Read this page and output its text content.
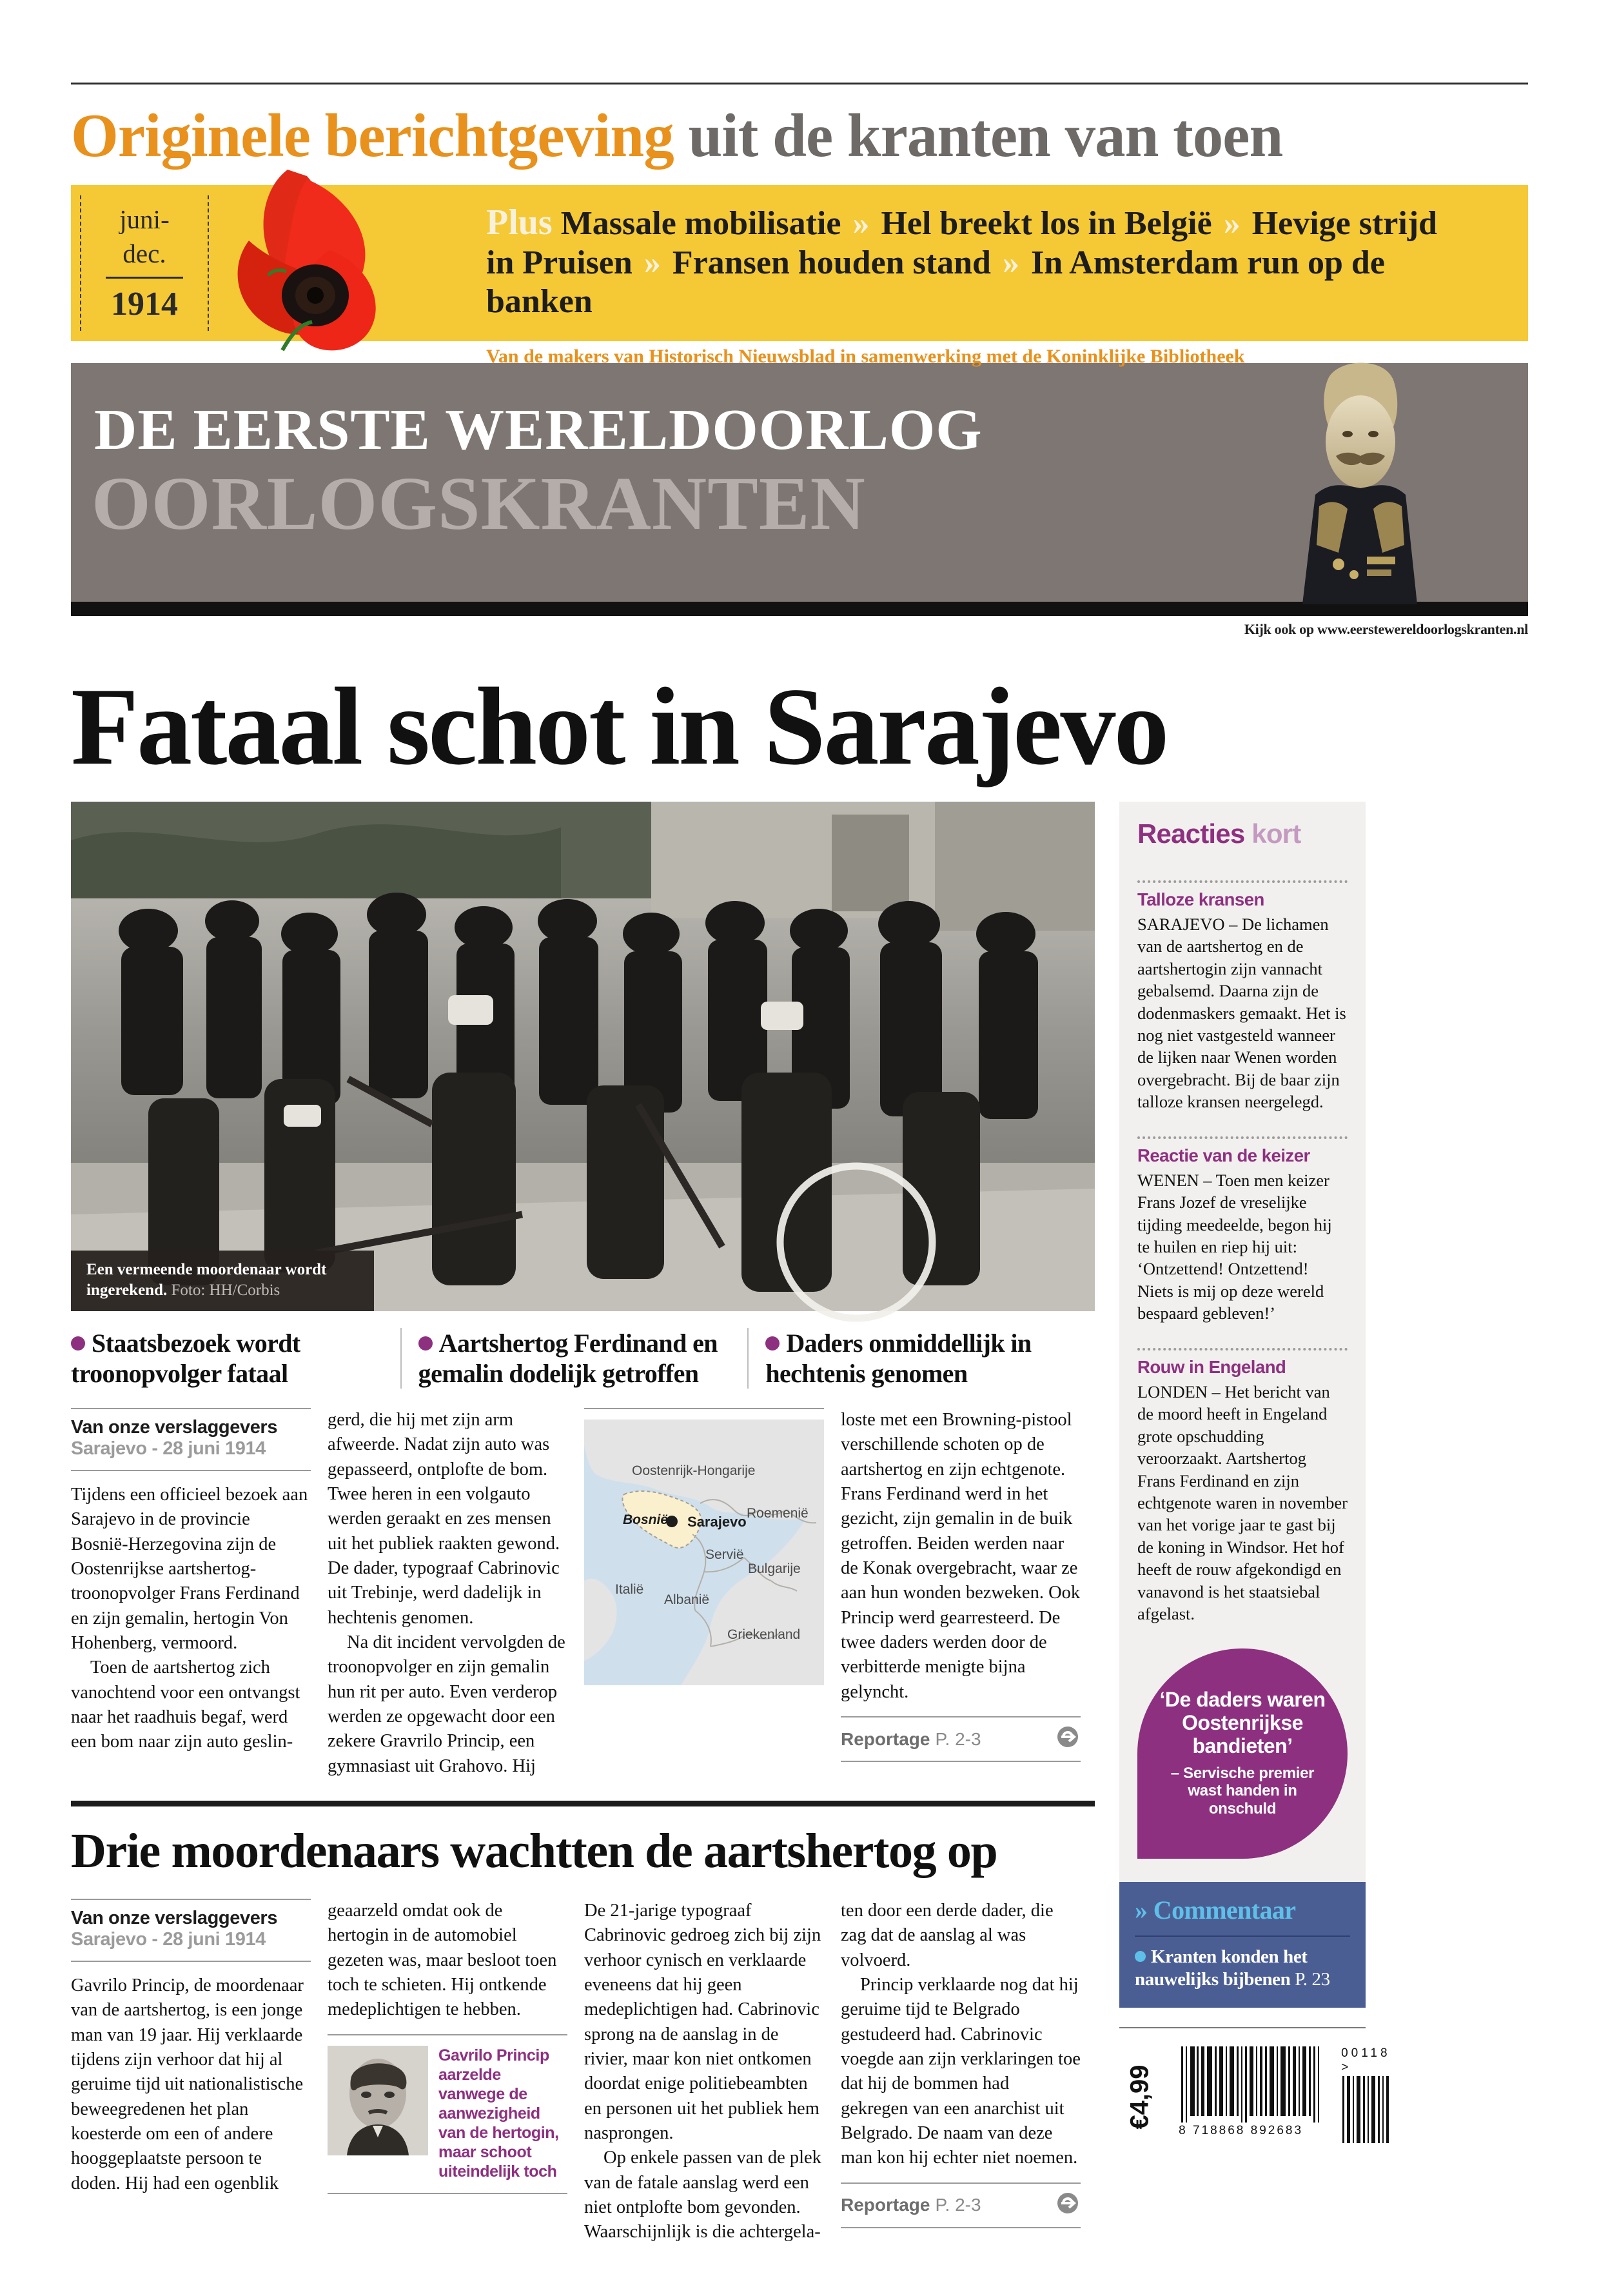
Originele berichtgeving uit de kranten van toen
juni-
dec.
1914
Plus Massale mobilisatie » Hel breekt los in België » Hevige strijd in Pruisen » Fransen houden stand » In Amsterdam run op de banken
Van de makers van Historisch Nieuwsblad in samenwerking met de Koninklijke Bibliotheek
DE EERSTE WERELDOORLOG
OORLOGSKRANTEN
Kijk ook op www.eerstewereldoorlogskranten.nl
Fataal schot in Sarajevo
Een vermeende moordenaar wordt ingerekend. Foto: HH/Corbis
Staatsbezoek wordt troonopvolger fataal
Aartshertog Ferdinand en gemalin dodelijk getroffen
Daders onmiddellijk in hechtenis genomen
Van onze verslaggevers
Sarajevo - 28 juni 1914

Tijdens een officieel bezoek aan Sarajevo in de provincie Bosnië-Herzegovina zijn de Oostenrijkse aartshertog-troonopvolger Frans Ferdinand en zijn gemalin, hertogin Von Hohenberg, vermoord.

Toen de aartshertog zich vanochtend voor een ontvangst naar het raadhuis begaf, werd een bom naar zijn auto geslin-

gerd, die hij met zijn arm afweerde. Nadat zijn auto was gepasseerd, ontplofte de bom. Twee heren in een volgauto werden geraakt en zes mensen uit het publiek raakten gewond. De dader, typograaf Cabrinovic uit Trebinje, werd dadelijk in hechtenis genomen.

Na dit incident vervolgden de troonopvolger en zijn gemalin hun rit per auto. Even verderop werden ze opgewacht door een zekere Gravrilo Princip, een gymnasiast uit Grahovo. Hij

Sarajevo
Bosnië
Oostenrijk-Hongarije
Roemenië
Servië
Bulgarije
Italië
Albanië
Griekenland

loste met een Browning-pistool verschillende schoten op de aartshertog en zijn echtgenote. Frans Ferdinand werd in het gezicht, zijn gemalin in de buik getroffen. Beiden werden naar de Konak overgebracht, waar ze aan hun wonden bezweken. Ook Princip werd gearresteerd. De twee daders werden door de verbitterde menigte bijna gelyncht.

Reportage P. 2-3
Drie moordenaars wachtten de aartshertog op
Van onze verslaggevers
Sarajevo - 28 juni 1914

Gavrilo Princip, de moordenaar van de aartshertog, is een jonge man van 19 jaar. Hij verklaarde tijdens zijn verhoor dat hij al geruime tijd uit nationalistische beweegredenen het plan koesterde om een of andere hooggeplaatste persoon te doden. Hij had een ogenblik

geaarzeld omdat ook de hertogin in de automobiel gezeten was, maar besloot toen toch te schieten. Hij ontkende medeplichtigen te hebben.

Gavrilo Princip aarzelde vanwege de aanwezigheid van de hertogin, maar schoot uiteindelijk toch

De 21-jarige typograaf Cabrinovic gedroeg zich bij zijn verhoor cynisch en verklaarde eveneens dat hij geen medeplichtigen had. Cabrinovic sprong na de aanslag in de rivier, maar kon niet ontkomen doordat enige politiebeambten en personen uit het publiek hem nasprongen.

Op enkele passen van de plek van de fatale aanslag werd een niet ontplofte bom gevonden. Waarschijnlijk is die achtergela-

ten door een derde dader, die zag dat de aanslag al was volvoerd.

Princip verklaarde nog dat hij geruime tijd te Belgrado gestudeerd had. Cabrinovic voegde aan zijn verklaringen toe dat hij de bommen had gekregen van een anarchist uit Belgrado. De naam van deze man kon hij echter niet noemen.

Reportage P. 2-3
Reacties kort
Talloze kransen
SARAJEVO – De lichamen van de aartshertog en de aartshertogin zijn vannacht gebalsemd. Daarna zijn de dodenmaskers gemaakt. Het is nog niet vastgesteld wanneer de lijken naar Wenen worden overgebracht. Bij de baar zijn talloze kransen neergelegd.
Reactie van de keizer
WENEN – Toen men keizer Frans Jozef de vreselijke tijding meedeelde, begon hij te huilen en riep hij uit: ‘Ontzettend! Ontzettend! Niets is mij op deze wereld bespaard gebleven!’
Rouw in Engeland
LONDEN – Het bericht van de moord heeft in Engeland grote opschudding veroorzaakt. Aartshertog Frans Ferdinand en zijn echtgenote waren in november van het vorige jaar te gast bij de koning in Windsor. Het hof heeft de rouw afgekondigd en vanavond is het staatsiebal afgelast.
‘De daders waren Oostenrijkse bandieten’
– Servische premier wast handen in onschuld
» Commentaar
Kranten konden het nauwelijks bijbenen P. 23
€4,99
8 718868 892683
00118 >
